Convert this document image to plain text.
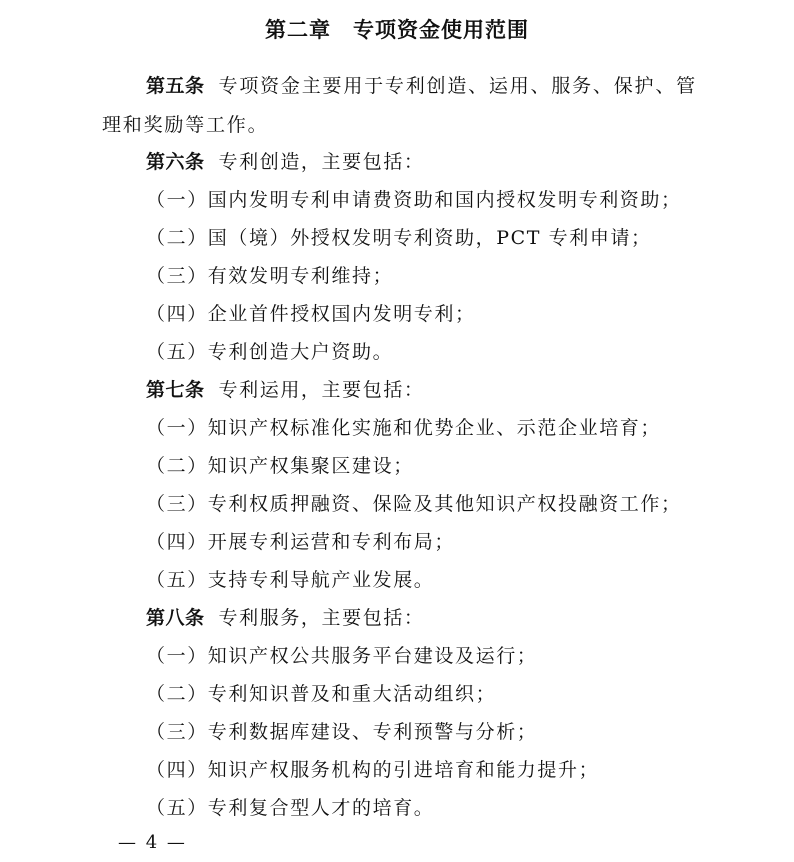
第二章　专项资金使用范围
第五条 专项资金主要用于专利创造、运用、服务、保护、管理和奖励等工作。
第六条 专利创造，主要包括：
（一）国内发明专利申请费资助和国内授权发明专利资助；
（二）国（境）外授权发明专利资助，PCT 专利申请；
（三）有效发明专利维持；
（四）企业首件授权国内发明专利；
（五）专利创造大户资助。
第七条 专利运用，主要包括：
（一）知识产权标准化实施和优势企业、示范企业培育；
（二）知识产权集聚区建设；
（三）专利权质押融资、保险及其他知识产权投融资工作；
（四）开展专利运营和专利布局；
（五）支持专利导航产业发展。
第八条 专利服务，主要包括：
（一）知识产权公共服务平台建设及运行；
（二）专利知识普及和重大活动组织；
（三）专利数据库建设、专利预警与分析；
（四）知识产权服务机构的引进培育和能力提升；
（五）专利复合型人才的培育。
— 4 —
